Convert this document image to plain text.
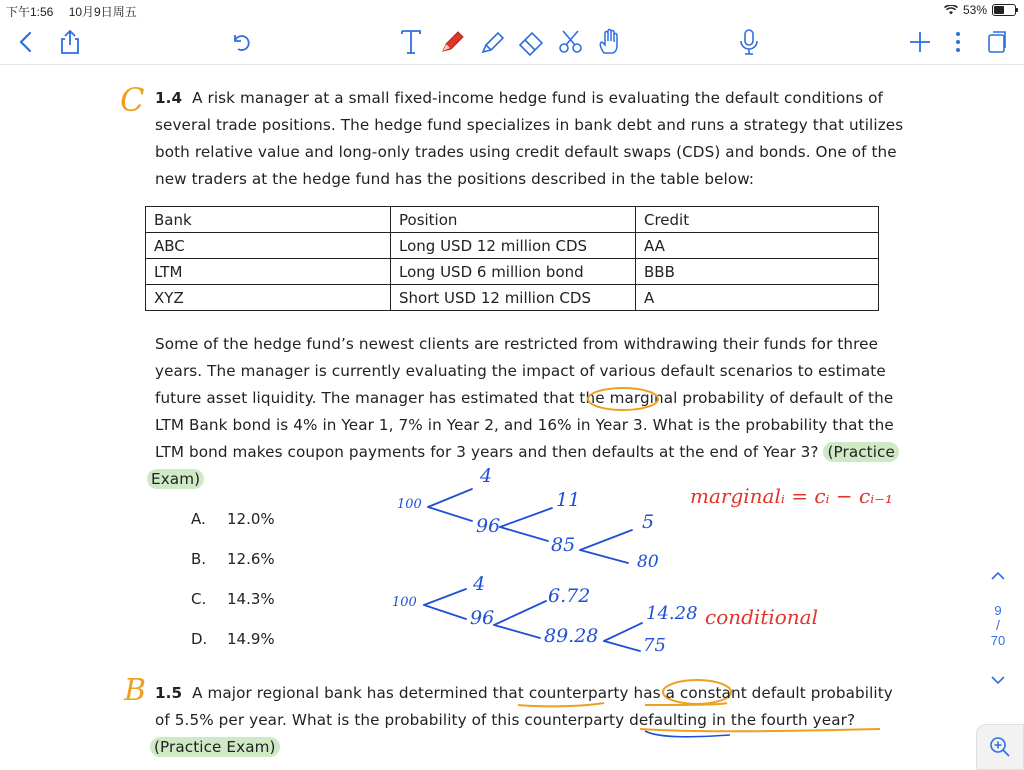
下午1:56 10月9日周五	53%
C 1.4 A risk manager at a small fixed-income hedge fund is evaluating the default conditions of
several trade positions. The hedge fund specializes in bank debt and runs a strategy that utilizes
both relative value and long-only trades using credit default swaps (CDS) and bonds. One of the
new traders at the hedge fund has the positions described in the table below:
Bank	Position	Credit
ABC	Long USD 12 million CDS	AA
LTM	Long USD 6 million bond	BBB
XYZ	Short USD 12 million CDS	A
Some of the hedge fund’s newest clients are restricted from withdrawing their funds for three
years. The manager is currently evaluating the impact of various default scenarios to estimate
future asset liquidity. The manager has estimated that the marginal probability of default of the
LTM Bank bond is 4% in Year 1, 7% in Year 2, and 16% in Year 3. What is the probability that the
LTM bond makes coupon payments for 3 years and then defaults at the end of Year 3? (Practice
Exam)
A. 12.0%
B. 12.6%
C. 14.3%
D. 14.9%
100
4
96
11
85
5
80
marginalᵢ = cᵢ − cᵢ₋₁
100
4
96
6.72
89.28
14.28
75
conditional
B 1.5 A major regional bank has determined that counterparty has a constant default probability
of 5.5% per year. What is the probability of this counterparty defaulting in the fourth year?
(Practice Exam)
9
/
70
